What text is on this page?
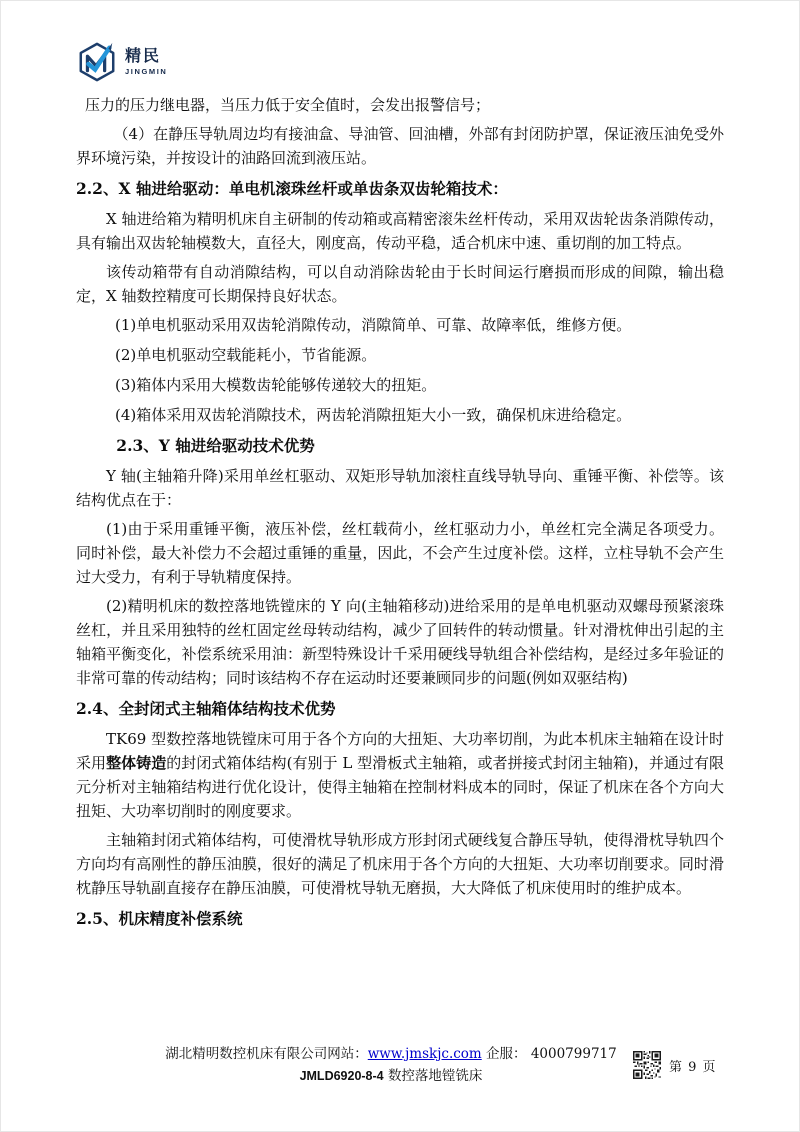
精民
JINGMIN

压力的压力继电器，当压力低于安全值时，会发出报警信号；

（4）在静压导轨周边均有接油盒、导油管、回油槽，外部有封闭防护罩，保证液压油免受外界环境污染，并按设计的油路回流到液压站。

2.2、X 轴进给驱动：单电机滚珠丝杆或单齿条双齿轮箱技术：

X 轴进给箱为精明机床自主研制的传动箱或高精密滚朱丝杆传动，采用双齿轮齿条消隙传动，具有输出双齿轮轴模数大，直径大，刚度高，传动平稳，适合机床中速、重切削的加工特点。

该传动箱带有自动消隙结构，可以自动消除齿轮由于长时间运行磨损而形成的间隙，输出稳定，X 轴数控精度可长期保持良好状态。

(1)单电机驱动采用双齿轮消隙传动，消隙简单、可靠、故障率低，维修方便。

(2)单电机驱动空载能耗小，节省能源。

(3)箱体内采用大模数齿轮能够传递较大的扭矩。

(4)箱体采用双齿轮消隙技术，两齿轮消隙扭矩大小一致，确保机床进给稳定。

2.3、Y 轴进给驱动技术优势

Y 轴(主轴箱升降)采用单丝杠驱动、双矩形导轨加滚柱直线导轨导向、重锤平衡、补偿等。该结构优点在于：

(1)由于采用重锤平衡，液压补偿，丝杠载荷小，丝杠驱动力小，单丝杠完全满足各项受力。同时补偿，最大补偿力不会超过重锤的重量，因此，不会产生过度补偿。这样，立柱导轨不会产生过大受力，有利于导轨精度保持。

(2)精明机床的数控落地铣镗床的 Y 向(主轴箱移动)进给采用的是单电机驱动双螺母预紧滚珠丝杠，并且采用独特的丝杠固定丝母转动结构，减少了回转件的转动惯量。针对滑枕伸出引起的主轴箱平衡变化，补偿系统采用油：新型特殊设计千采用硬线导轨组合补偿结构，是经过多年验证的非常可靠的传动结构；同时该结构不存在运动时还要兼顾同步的问题(例如双驱结构)

2.4、全封闭式主轴箱体结构技术优势

TK69 型数控落地铣镗床可用于各个方向的大扭矩、大功率切削，为此本机床主轴箱在设计时采用整体铸造的封闭式箱体结构(有别于 L 型滑板式主轴箱，或者拼接式封闭主轴箱)，并通过有限元分析对主轴箱结构进行优化设计，使得主轴箱在控制材料成本的同时，保证了机床在各个方向大扭矩、大功率切削时的刚度要求。

主轴箱封闭式箱体结构，可使滑枕导轨形成方形封闭式硬线复合静压导轨，使得滑枕导轨四个方向均有高刚性的静压油膜，很好的满足了机床用于各个方向的大扭矩、大功率切削要求。同时滑枕静压导轨副直接存在静压油膜，可使滑枕导轨无磨损，大大降低了机床使用时的维护成本。

2.5、机床精度补偿系统

湖北精明数控机床有限公司网站：www.jmskjc.com 企服： 4000799717
JMLD6920-8-4 数控落地镗铣床
第 9 页
